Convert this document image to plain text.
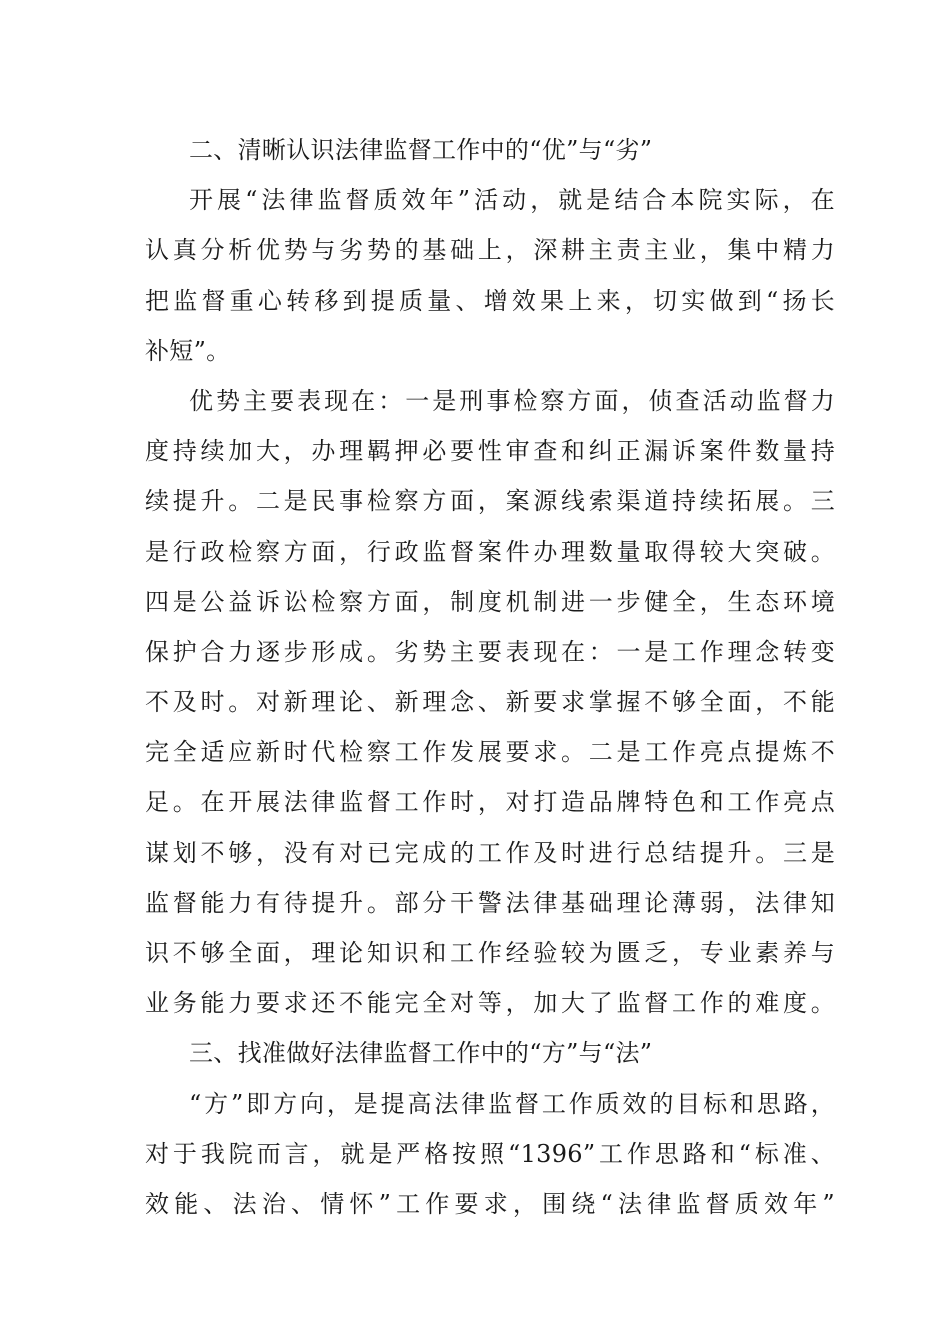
二、清晰认识法律监督工作中的“优”与“劣”
开展“法律监督质效年”活动，就是结合本院实际，在
认真分析优势与劣势的基础上，深耕主责主业，集中精力
把监督重心转移到提质量、增效果上来，切实做到“扬长
补短”。
优势主要表现在：一是刑事检察方面，侦查活动监督力
度持续加大，办理羁押必要性审查和纠正漏诉案件数量持
续提升。二是民事检察方面，案源线索渠道持续拓展。三
是行政检察方面，行政监督案件办理数量取得较大突破。
四是公益诉讼检察方面，制度机制进一步健全，生态环境
保护合力逐步形成。劣势主要表现在：一是工作理念转变
不及时。对新理论、新理念、新要求掌握不够全面，不能
完全适应新时代检察工作发展要求。二是工作亮点提炼不
足。在开展法律监督工作时，对打造品牌特色和工作亮点
谋划不够，没有对已完成的工作及时进行总结提升。三是
监督能力有待提升。部分干警法律基础理论薄弱，法律知
识不够全面，理论知识和工作经验较为匮乏，专业素养与
业务能力要求还不能完全对等，加大了监督工作的难度。
三、找准做好法律监督工作中的“方”与“法”
“方”即方向，是提高法律监督工作质效的目标和思路，
对于我院而言，就是严格按照“1396”工作思路和“标准、
效能、法治、情怀”工作要求，围绕“法律监督质效年”
